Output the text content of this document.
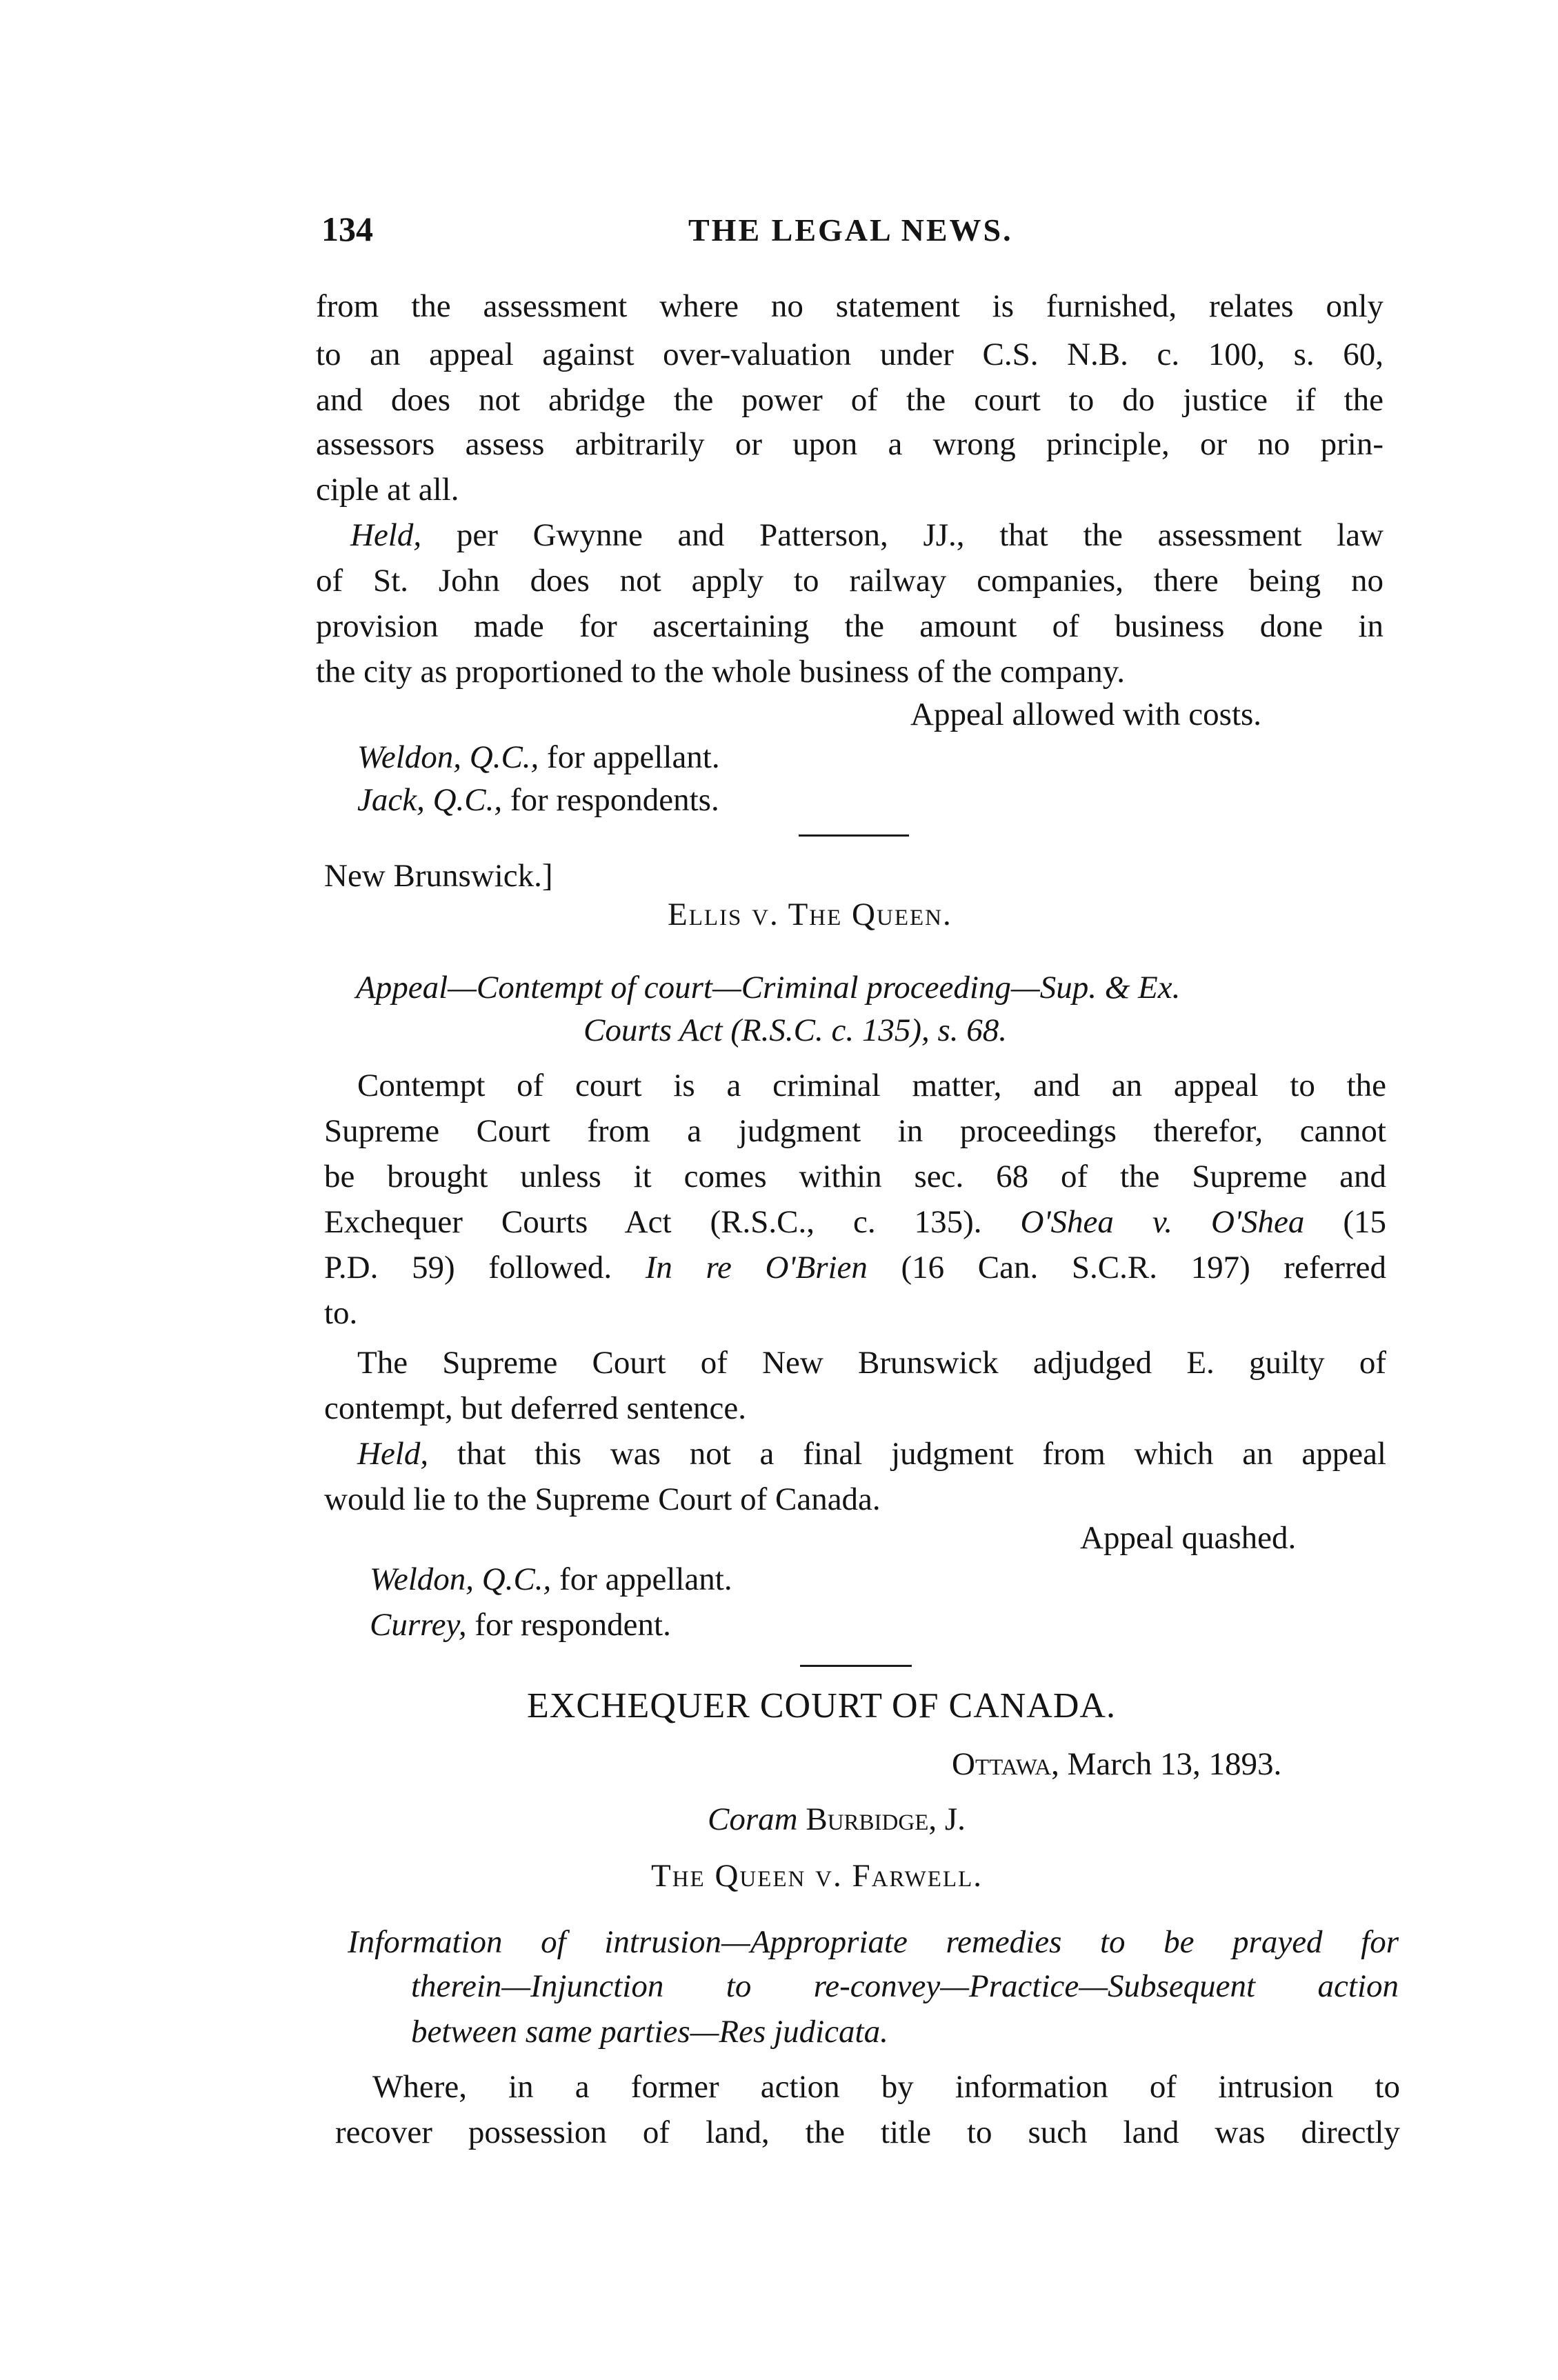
134	THE LEGAL NEWS.
from the assessment where no statement is furnished, relates only
to an appeal against over-valuation under C.S. N.B. c. 100, s. 60,
and does not abridge the power of the court to do justice if the
assessors assess arbitrarily or upon a wrong principle, or no prin-
ciple at all.
Held, per Gwynne and Patterson, JJ., that the assessment law
of St. John does not apply to railway companies, there being no
provision made for ascertaining the amount of business done in
the city as proportioned to the whole business of the company.
Appeal allowed with costs.
Weldon, Q.C., for appellant.
Jack, Q.C., for respondents.
New Brunswick.]
Ellis v. The Queen.
Appeal—Contempt of court—Criminal proceeding—Sup. & Ex.
Courts Act (R.S.C. c. 135), s. 68.
Contempt of court is a criminal matter, and an appeal to the
Supreme Court from a judgment in proceedings therefor, cannot
be brought unless it comes within sec. 68 of the Supreme and
Exchequer Courts Act (R.S.C., c. 135). O'Shea v. O'Shea (15
P.D. 59) followed. In re O'Brien (16 Can. S.C.R. 197) referred
to.
The Supreme Court of New Brunswick adjudged E. guilty of
contempt, but deferred sentence.
Held, that this was not a final judgment from which an appeal
would lie to the Supreme Court of Canada.
Appeal quashed.
Weldon, Q.C., for appellant.
Currey, for respondent.
EXCHEQUER COURT OF CANADA.
Ottawa, March 13, 1893.
Coram Burbidge, J.
The Queen v. Farwell.
Information of intrusion—Appropriate remedies to be prayed for
therein—Injunction to re-convey—Practice—Subsequent action
between same parties—Res judicata.
Where, in a former action by information of intrusion to
recover possession of land, the title to such land was directly
